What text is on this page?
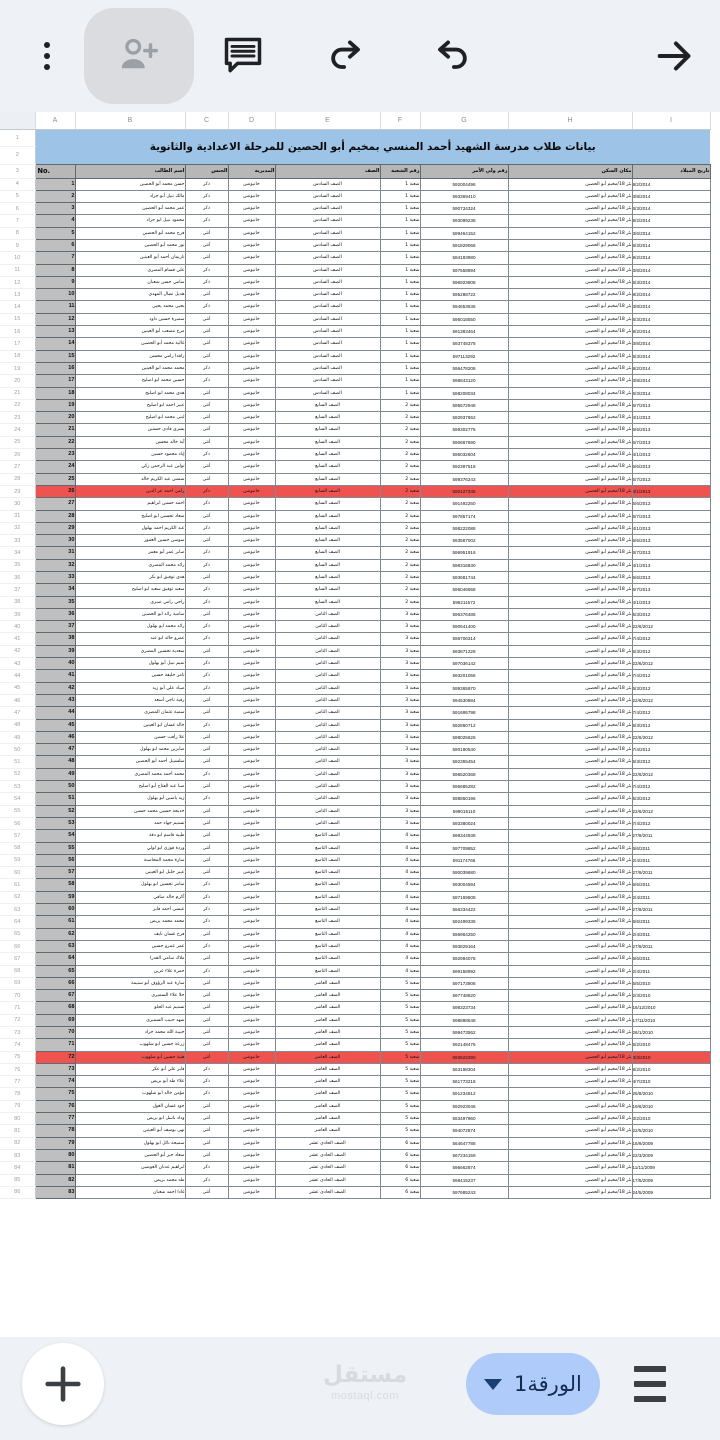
	A	B	C	D	E	F	G	H	I
1	بيانات طلاب مدرسة الشهيد أحمد المنسي بمخيم أبو الحصين للمرحلة الاعدادية والثانوية								

2									
3	No.	اسم الطالب	الجنس	المديرية	الصف	رقم الشعبة	رقم ولي الأمر	مكان السكن	تاريخ الميلاد
4	1	حسن محمد أبو الحصين	ذكر	خانيونس	الصف السادس	شعبة 1	592004496	بئر 18/مخيم أبو الحصين	9/2/2014
5	2	مالك نبيل أبو جراد	ذكر	خانيونس	الصف السادس	شعبة 1	593369410	بئر 18/مخيم أبو الحصين	3/8/2014
6	3	عمر محمد أبو الحصين	ذكر	خانيونس	الصف السادس	شعبة 1	590734324	بئر 18/مخيم أبو الحصين	6/3/2014
7	4	محمود نبيل ابو جراد	ذكر	خانيونس	الصف السادس	شعبة 1	593099238	بئر 18/مخيم أبو الحصين	9/2/2014
8	5	فرح محمد أبو الحصين	أنثى	خانيونس	الصف السادس	شعبة 1	599464152	بئر 18/مخيم أبو الحصين	3/6/2014
9	6	نور محمد أبو الحصين	أنثى	خانيونس	الصف السادس	شعبة 1	591829066	بئر 18/مخيم أبو الحصين	6/3/2014
10	7	ناريمان أحمد أبو العينين	أنثى	خانيونس	الصف السادس	شعبة 1	594193980	بئر 18/مخيم أبو الحصين	9/2/2014
11	8	علي قسام المصري	ذكر	خانيونس	الصف السادس	شعبة 1	597558894	بئر 18/مخيم أبو الحصين	3/8/2014
12	9	سامي حسن شعبان	ذكر	خانيونس	الصف السادس	شعبة 1	596923808	بئر 18/مخيم أبو الحصين	6/3/2014
13	10	هديل نضال المهدي	أنثى	خانيونس	الصف السادس	شعبة 1	595288722	بئر 18/مخيم أبو الحصين	9/2/2014
14	11	يحيى محمد يحيى	ذكر	خانيونس	الصف السادس	شعبة 1	594653636	بئر 18/مخيم أبو الحصين	3/8/2014
15	12	سميرة حسين داود	أنثى	خانيونس	الصف السادس	شعبة 1	596018550	بئر 18/مخيم أبو الحصين	6/3/2014
16	13	مرح مصعب أبو العينين	أنثى	خانيونس	الصف السادس	شعبة 1	591383464	بئر 18/مخيم أبو الحصين	9/2/2014
17	14	غالية محمد أبو الحصين	أنثى	خانيونس	الصف السادس	شعبة 1	593748378	بئر 18/مخيم أبو الحصين	3/8/2014
18	15	رافدا رامي محسن	أنثى	خانيونس	الصف السادس	شعبة 1	597113292	بئر 18/مخيم أبو الحصين	6/3/2014
19	16	محمد محمد ابو العينين	ذكر	خانيونس	الصف السادس	شعبة 1	596478206	بئر 18/مخيم أبو الحصين	9/2/2014
20	17	حسين محمد ابو اصليح	ذكر	خانيونس	الصف السادس	شعبة 1	598843120	بئر 18/مخيم أبو الحصين	3/8/2014
21	18	هدى محمد ابو اصليح	أنثى	خانيونس	الصف السادس	شعبة 1	598208034	بئر 18/مخيم أبو الحصين	6/3/2014
22	19	عبير احمد ابو اصليح	أنثى	خانيونس	الصف السابع	شعبة 2	595572948	بئر 18/مخيم أبو الحصين	6/7/2013
23	20	لبنى محمد ابو اصليح	أنثى	خانيونس	الصف السابع	شعبة 2	592937862	بئر 18/مخيم أبو الحصين	4/1/2013
24	21	يسرى فادي حسنين	أنثى	خانيونس	الصف السابع	شعبة 2	599302776	بئر 18/مخيم أبو الحصين	6/6/2013
25	22	آية خالد محسن	أنثى	خانيونس	الصف السابع	شعبة 2	590667690	بئر 18/مخيم أبو الحصين	6/7/2013
26	23	إياد محمود حسين	ذكر	خانيونس	الصف السابع	شعبة 2	596032604	بئر 18/مخيم أبو الحصين	4/1/2013
27	24	تولين عبد الرحمن زكي	أنثى	خانيونس	الصف السابع	شعبة 2	592397518	بئر 18/مخيم أبو الحصين	6/6/2013
28	25	شمس عبد الكريم خالد	أنثى	خانيونس	الصف السابع	شعبة 2	599376243	بئر 18/مخيم أبو الحصين	6/7/2013
29	26	رامي احمد عز الدين	ذكر	خانيونس	الصف السابع	شعبة 2	590127346	بئر 18/مخيم أبو الحصين	4/1/2013
30	27	احمد حسين ابراهيم	ذكر	خانيونس	الصف السابع	شعبة 2	591492260	بئر 18/مخيم أبو الحصين	6/6/2013
31	28	سعاد تحسين ابو اصليح	أنثى	خانيونس	الصف السابع	شعبة 2	597857174	بئر 18/مخيم أبو الحصين	6/7/2013
32	29	عبد الكريم احمد بهلول	ذكر	خانيونس	الصف السابع	شعبة 2	598222088	بئر 18/مخيم أبو الحصين	4/1/2013
33	30	سوسن حسين العمور	أنثى	خانيونس	الصف السابع	شعبة 2	593587002	بئر 18/مخيم أبو الحصين	6/6/2013
34	31	صابر عمر أبو معمر	ذكر	خانيونس	الصف السابع	شعبة 2	596951916	بئر 18/مخيم أبو الحصين	6/7/2013
35	32	رائد محمد المصري	ذكر	خانيونس	الصف السابع	شعبة 2	598316830	بئر 18/مخيم أبو الحصين	4/1/2013
36	33	هدى توفيق ابو بكر	أنثى	خانيونس	الصف السابع	شعبة 2	593681744	بئر 18/مخيم أبو الحصين	6/6/2013
37	34	سعيد توفيق سعيد ابو اصليح	ذكر	خانيونس	الصف السابع	شعبة 2	596046658	بئر 18/مخيم أبو الحصين	6/7/2013
38	35	راجي رامي صبري	ذكر	خانيونس	الصف السابع	شعبة 2	596211572	بئر 18/مخيم أبو الحصين	4/1/2013
39	36	سامية رائد ابو الحصين	أنثى	خانيونس	الصف الثامن	شعبة 3	596376486	بئر 18/مخيم أبو الحصين	5/3/2012
40	37	رائد محمد ابو بهلول	ذكر	خانيونس	الصف الثامن	شعبة 3	590541400	بئر 18/مخيم أبو الحصين	22/6/2012
41	38	عمرو خالد ابو عبد	ذكر	خانيونس	الصف الثامن	شعبة 3	596706314	بئر 18/مخيم أبو الحصين	7/4/2012
42	39	سعدية تحسين المصري	أنثى	خانيونس	الصف الثامن	شعبة 3	593871228	بئر 18/مخيم أبو الحصين	5/3/2012
43	40	تميم نبيل أبو بهلول	ذكر	خانيونس	الصف الثامن	شعبة 3	597036142	بئر 18/مخيم أبو الحصين	22/6/2012
44	41	تامر خليفة حسين	ذكر	خانيونس	الصف الثامن	شعبة 3	593201056	بئر 18/مخيم أبو الحصين	7/4/2012
45	42	صياد علي أبو زيد	ذكر	خانيونس	الصف الثامن	شعبة 3	599365970	بئر 18/مخيم أبو الحصين	5/3/2012
46	43	رقية ناجي أسعد	أنثى	خانيونس	الصف الثامن	شعبة 3	594530884	بئر 18/مخيم أبو الحصين	22/6/2012
47	44	سمية عثمان المصري	أنثى	خانيونس	الصف الثامن	شعبة 3	591695798	بئر 18/مخيم أبو الحصين	7/4/2012
48	45	خالد غسان ابو العينين	ذكر	خانيونس	الصف الثامن	شعبة 3	592860712	بئر 18/مخيم أبو الحصين	5/3/2012
49	46	علا رأفت حسين	أنثى	خانيونس	الصف الثامن	شعبة 3	598025626	بئر 18/مخيم أبو الحصين	22/6/2012
50	47	صابرين محمد ابو بهلول	أنثى	خانيونس	الصف الثامن	شعبة 3	590190540	بئر 18/مخيم أبو الحصين	7/4/2012
51	48	سلسبيل أحمد أبو الحصين	أنثى	خانيونس	الصف الثامن	شعبة 3	592355454	بئر 18/مخيم أبو الحصين	5/3/2012
52	49	محمد أحمد محمد المصري	ذكر	خانيونس	الصف الثامن	شعبة 3	596520368	بئر 18/مخيم أبو الحصين	22/6/2012
53	50	صبا عبد الفتاح أبو اصليح	أنثى	خانيونس	الصف الثامن	شعبة 3	595685282	بئر 18/مخيم أبو الحصين	7/4/2012
54	51	زيد ياسين أبو بهلول	ذكر	خانيونس	الصف الثامن	شعبة 3	598850196	بئر 18/مخيم أبو الحصين	5/3/2012
55	52	خديجة حسين محمد حسين	أنثى	خانيونس	الصف الثامن	شعبة 3	599015110	بئر 18/مخيم أبو الحصين	22/6/2012
56	53	تسنيم جهاد حمد	أنثى	خانيونس	الصف الثامن	شعبة 3	593380024	بئر 18/مخيم أبو الحصين	7/4/2012
57	54	طيبة قاسم ابو دقة	أنثى	خانيونس	الصف التاسع	شعبة 4	598344938	بئر 18/مخيم أبو الحصين	27/9/2011
58	55	وردة فوزي ابو لولي	أنثى	خانيونس	الصف التاسع	شعبة 4	597709852	بئر 18/مخيم أبو الحصين	6/6/2011
59	56	سارة محمد المحاسنة	أنثى	خانيونس	الصف التاسع	شعبة 4	591174766	بئر 18/مخيم أبو الحصين	2/4/2011
60	57	عبير خليل ابو العينين	أنثى	خانيونس	الصف التاسع	شعبة 4	590039680	بئر 18/مخيم أبو الحصين	27/9/2011
61	58	سامر تحسين ابو بهلول	ذكر	خانيونس	الصف التاسع	شعبة 4	593004594	بئر 18/مخيم أبو الحصين	6/6/2011
62	59	أكرم خالد صافي	ذكر	خانيونس	الصف التاسع	شعبة 4	597169508	بئر 18/مخيم أبو الحصين	2/4/2011
63	60	عيسى أحمد فايز	ذكر	خانيونس	الصف التاسع	شعبة 4	566334422	بئر 18/مخيم أبو الحصين	27/9/2011
64	61	محمد محمد بريص	ذكر	خانيونس	الصف التاسع	شعبة 4	592499336	بئر 18/مخيم أبو الحصين	6/6/2011
65	62	فرح غسان نايف	أنثى	خانيونس	الصف التاسع	شعبة 4	596964250	بئر 18/مخيم أبو الحصين	2/4/2011
66	63	عمر عمرو حسين	ذكر	خانيونس	الصف التاسع	شعبة 4	593829164	بئر 18/مخيم أبو الحصين	27/9/2011
67	64	ملاك سامي القدرا	أنثى	خانيونس	الصف التاسع	شعبة 4	592994078	بئر 18/مخيم أبو الحصين	6/6/2011
68	65	حمزة علاء غزين	ذكر	خانيونس	الصف التاسع	شعبة 4	599158992	بئر 18/مخيم أبو الحصين	2/4/2011
69	66	سارة عبد الرؤوف أبو سنيمة	أنثى	خانيونس	الصف العاشر	شعبة 5	597173906	بئر 18/مخيم أبو الحصين	5/5/2010
70	67	حلا علاء السميري	أنثى	خانيونس	الصف العاشر	شعبة 5	597748820	بئر 18/مخيم أبو الحصين	2/3/2010
71	68	تسنيم عبد الحلو	أنثى	خانيونس	الصف العاشر	شعبة 5	598323734	بئر 18/مخيم أبو الحصين	16/12/2010
72	69	شهد حبيب السميري	أنثى	خانيونس	الصف العاشر	شعبة 5	598898648	بئر 18/مخيم أبو الحصين	17/11/2010
73	70	حبيبة الله محمد جراد	أنثى	خانيونس	الصف العاشر	شعبة 5	599473562	بئر 18/مخيم أبو الحصين	26/1/2010
74	71	زرعة حسين ابو شلهوب	أنثى	خانيونس	الصف العاشر	شعبة 5	592148476	بئر 18/مخيم أبو الحصين	6/2/2010
75	72	هنية حسين أبو شلهوب	أنثى	خانيونس	الصف العاشر	شعبة 5	593623390	بئر 18/مخيم أبو الحصين	3/3/2010
76	73	فايز علي أبو عكر	ذكر	خانيونس	الصف العاشر	شعبة 5	563198304	بئر 18/مخيم أبو الحصين	9/2/2010
77	74	علاء طه أبو بريص	ذكر	خانيونس	الصف العاشر	شعبة 5	561773218	بئر 18/مخيم أبو الحصين	4/7/2010
78	75	مؤمن خالد ابو شلهوب	ذكر	خانيونس	الصف العاشر	شعبة 5	591234812	بئر 18/مخيم أبو الحصين	25/8/2010
79	76	جود غسان الغول	أنثى	خانيونس	الصف العاشر	شعبة 5	592923046	بئر 18/مخيم أبو الحصين	19/6/2010
80	77	وداد باسل ابو بريص	أنثى	خانيونس	الصف العاشر	شعبة 5	563497960	بئر 18/مخيم أبو الحصين	3/2/2010
81	78	نهى يوسف أبو العينين	أنثى	خانيونس	الصف العاشر	شعبة 5	594072874	بئر 18/مخيم أبو الحصين	22/5/2010
82	79	سميحة نائل ابو بهلول	أنثى	خانيونس	الصف الحادي عشر	شعبة 6	564647788	بئر 18/مخيم أبو الحصين	16/9/2009
83	80	سعاد جبر أبو الحصين	أنثى	خانيونس	الصف الحادي عشر	شعبة 6	567234159	بئر 18/مخيم أبو الحصين	22/3/2009
84	81	ابراهيم عدنان العوضين	ذكر	خانيونس	الصف الحادي عشر	شعبة 6	596662874	بئر 18/مخيم أبو الحصين	11/11/2009
85	82	طه محمد بريص	ذكر	خانيونس	الصف الحادي عشر	شعبة 6	598415237	بئر 18/مخيم أبو الحصين	17/5/2009
86	83	غادا احمد شعبان	أنثى	خانيونس	الصف الحادي عشر	شعبة 6	597685243	بئر 18/مخيم أبو الحصين	24/5/2009
مستقل
mostaql.com	الورقة1
